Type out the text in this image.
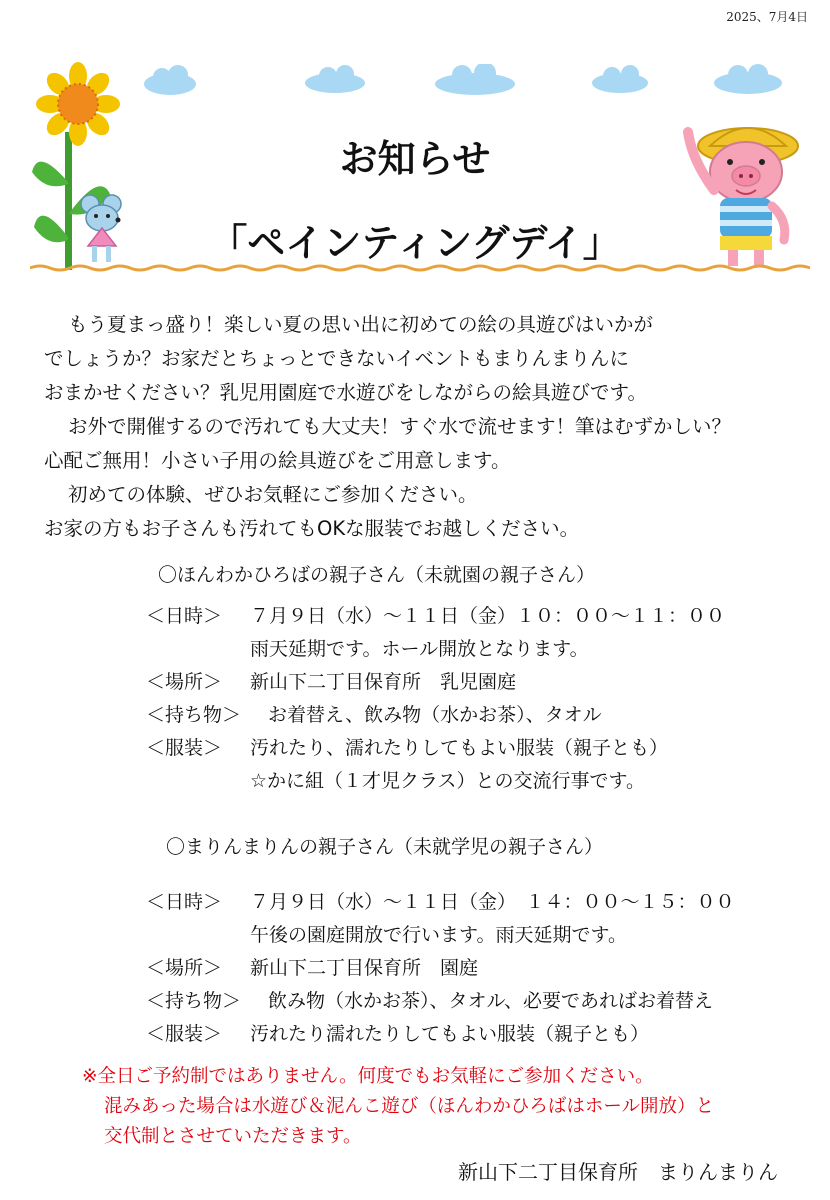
2025、7月4日
お知らせ
「ペインティングデイ」
もう夏まっ盛り！楽しい夏の思い出に初めての絵の具遊びはいかが
でしょうか？お家だとちょっとできないイベントもまりんまりんに
おまかせください？乳児用園庭で水遊びをしながらの絵具遊びです。
お外で開催するので汚れても大丈夫！すぐ水で流せます！筆はむずかしい？
心配ご無用！小さい子用の絵具遊びをご用意します。
初めての体験、ぜひお気軽にご参加ください。
お家の方もお子さんも汚れてもOKな服装でお越しください。
〇ほんわかひろばの親子さん（未就園の親子さん）
＜日時＞ ７月９日（水）～１１日（金）１０：００～１１：００
雨天延期です。ホール開放となります。
＜場所＞ 新山下二丁目保育所　乳児園庭
＜持ち物＞ お着替え、飲み物（水かお茶）、タオル
＜服装＞ 汚れたり、濡れたりしてもよい服装（親子とも）
☆かに組（１才児クラス）との交流行事です。
〇まりんまりんの親子さん（未就学児の親子さん）
＜日時＞ ７月９日（水）～１１日（金）　１４：００～１５：００
午後の園庭開放で行います。雨天延期です。
＜場所＞ 新山下二丁目保育所　園庭
＜持ち物＞ 飲み物（水かお茶）、タオル、必要であればお着替え
＜服装＞ 汚れたり濡れたりしてもよい服装（親子とも）
※全日ご予約制ではありません。何度でもお気軽にご参加ください。
混みあった場合は水遊び＆泥んこ遊び（ほんわかひろばはホール開放）と
交代制とさせていただきます。
新山下二丁目保育所　まりんまりん
